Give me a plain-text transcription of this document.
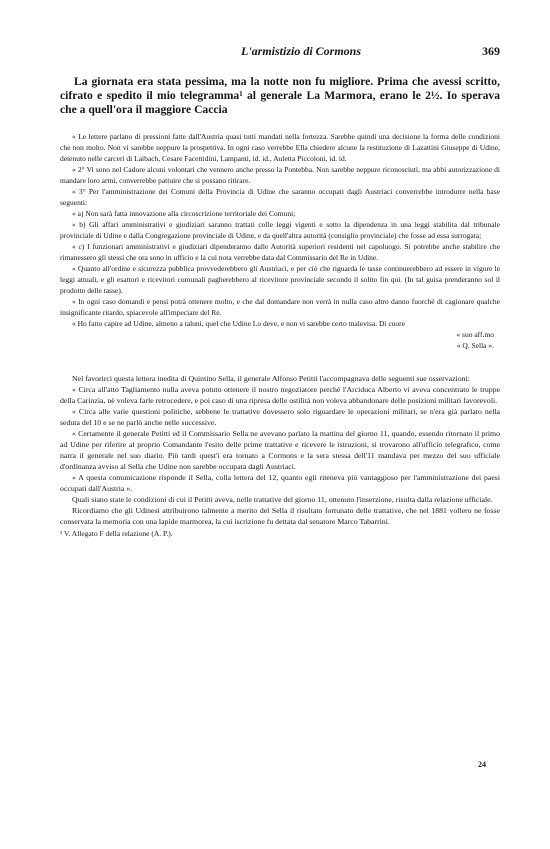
L'armistizio di Cormons	369

La giornata era stata pessima, ma la notte non fu migliore. Prima che avessi scritto, cifrato e spedito il mio telegramma¹ al generale La Marmora, erano le 2½. Io sperava che a quell'ora il maggiore Caccia

« Le lettere parlano di pressioni fatte dall'Austria quasi tutti mandati nella fortezza. Sarebbe quindi una decisione la forma delle condizioni che non molto. Non vi sarebbe neppure la prospettiva. In ogni caso verrebbe Ella chiedere alcune la restituzione di Lazattini Giuseppe di Udine, detenuto nelle carceri di Laibach, Cesare Facettidini, Lampanti, id. id., Auletta Piccoloni, id. id.

« 2° Vi sono nel Cadore alcuni volontari che vennero anche presso la Pontebba. Non sarebbe neppure riconosciuti, ma abbi autorizzazione di mandare loro armi, converrebbe pattuire che si possano ritirare.

« 3° Per l'amministrazione dei Comuni della Provincia di Udine che saranno occupati dagli Austriaci converrebbe introdurre nella base seguenti:

« a) Non sarà fatta innovazione alla circoscrizione territoriale dei Comuni;

« b) Gli affari amministrativi e giudiziari saranno trattati colle leggi vigenti e sotto la dipendenza in una leggi stabilita dal tribunale provinciale di Udine e dalla Congregazione provinciale di Udine, e da quell'altra autorità (consiglio provinciale) che fosse ad essa surrogata;

« c) I funzionari amministrativi e giudiziari dipenderanno dalle Autorità superiori residenti nel capoluogo. Si potrebbe anche stabilire che rimanessero gli stessi che ora sono in ufficio e la cui nota verrebbe data dal Commissario del Re in Udine.

« Quanto all'ordine e sicurezza pubblica provvederebbero gli Austriaci, e per ciò che riguarda le tasse continuerebbero ad essere in vigore le leggi attuali, e gli esattori e ricevitori comunali pagherebbero al ricevitore provinciale secondo il solito fin qui. (In tal guisa prenderanno sol il prodotto delle tasse).

« In ogni caso domandi e pensi potrà ottenere molto, e che dal domandare non verrà in nulla caso altro danno fuorché di cagionare qualche insignificante ritardo, spiacevole all'impeciare del Re.

« Ho fatto capire ad Udine, almeno a taluni, quel che Udine Lo deve, e non vi sarebbe certo malevisa. Di cuore

« suo aff.mo
« Q. Sella ».

Nel favorirci questa lettera inedita di Quintino Sella, il generale Alfonso Petitti l'accompagnava delle seguenti sue osservazioni:

« Circa all'atto Tagliamento nulla aveva potuto ottenere il nostro negoziatore perché l'Arciduca Alberto vi aveva concentrato le truppe della Carinzia, nè voleva farle retrocedere, e poi caso di una ripresa delle ostilità non voleva abbandonare delle posizioni militari favorevoli.

« Circa alle varie questioni politiche, sebbene le trattative dovessero solo riguardare le operazioni militari, se n'era già parlato nella seduta del 10 e se ne parlò anche nelle successive.

« Certamente il generale Petitti ed il Commissario Sella ne avevano parlato la mattina del giorno 11, quando, essendo ritornato il primo ad Udine per riferire al proprio Comandante l'esito delle prime trattative e ricevere le istruzioni, si trovarono all'ufficio telegrafico, come narra il generale nel suo diario. Più tardi quest'i era tornato a Cormons e la sera stessa dell'11 mandava per mezzo del suo ufficiale d'ordinanza avviso al Sella che Udine non sarebbe occupata dagli Austriaci.

« A questa comunicazione risponde il Sella, colla lettera del 12, quanto egli riteneva più vantaggioso per l'amministrazione dei paesi occupati dall'Austria ».

Quali siano state le condizioni di cui il Petitti aveva, nelle trattative del giorno 11, ottenuto l'inserzione, risulta dalla relazione ufficiale.

Ricordiamo che gli Udinesi attribuirono talmente a merito del Sella il risultato fortunato delle trattative, che nel 1881 vollero ne fosse conservata la memoria con una lapide marmorea, la cui iscrizione fu dettata dal senatore Marco Tabarrini.

¹ V. Allegato F della relazione (A. P.).
24
